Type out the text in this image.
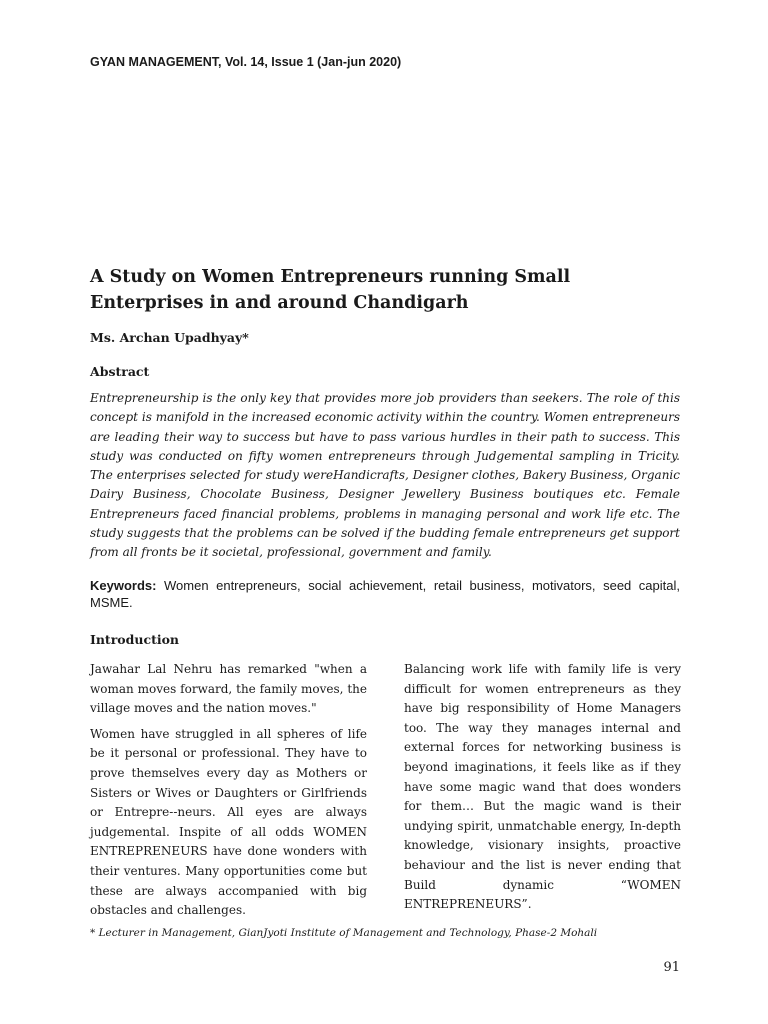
GYAN MANAGEMENT, Vol. 14, Issue 1 (Jan-jun 2020)
A Study on Women Entrepreneurs running Small Enterprises in and around Chandigarh
Ms. Archan Upadhyay*
Abstract

Entrepreneurship is the only key that provides more job providers than seekers. The role of this concept is manifold in the increased economic activity within the country. Women entrepreneurs are leading their way to success but have to pass various hurdles in their path to success. This study was conducted on fifty women entrepreneurs through Judgemental sampling in Tricity. The enterprises selected for study wereHandicrafts, Designer clothes, Bakery Business, Organic Dairy Business, Chocolate Business, Designer Jewellery Business boutiques etc. Female Entrepreneurs faced financial problems, problems in managing personal and work life etc. The study suggests that the problems can be solved if the budding female entrepreneurs get support from all fronts be it societal, professional, government and family.

Keywords: Women entrepreneurs, social achievement, retail business, motivators, seed capital, MSME.

Introduction

Jawahar Lal Nehru has remarked "when a woman moves forward, the family moves, the village moves and the nation moves."

Women have struggled in all spheres of life be it personal or professional. They have to prove themselves every day as Mothers or Sisters or Wives or Daughters or Girlfriends or Entrepre--neurs. All eyes are always judgemental. Inspite of all odds WOMEN ENTREPRENEURS have done wonders with their ventures. Many opportunities come but these are always accompanied with big obstacles and challenges.

Balancing work life with family life is very difficult for women entrepreneurs as they have big responsibility of Home Managers too. The way they manages internal and external forces for networking business is beyond imaginations, it feels like as if they have some magic wand that does wonders for them… But the magic wand is their undying spirit, unmatchable energy, In-depth knowledge, visionary insights, proactive behaviour and the list is never ending that Build dynamic “WOMEN ENTREPRENEURS”.

* Lecturer in Management, GianJyoti Institute of Management and Technology, Phase-2 Mohali
91
